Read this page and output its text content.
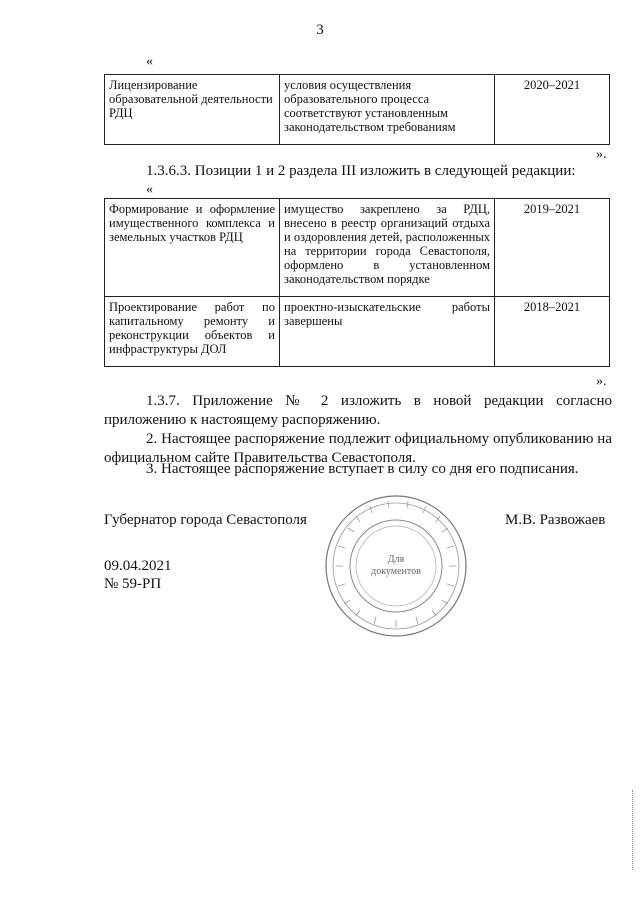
3
«
Лицензирование образовательной деятельности РДЦ	условия осуществления образовательного процесса соответствуют установленным законодательством требованиям	2020–2021
».
1.3.6.3. Позиции 1 и 2 раздела III изложить в следующей редакции:
«
Формирование и оформление имущественного комплекса и земельных участков РДЦ	имущество закреплено за РДЦ, внесено в реестр организаций отдыха и оздоровления детей, расположенных на территории города Севастополя, оформлено в установленном законодательством порядке	2019–2021
Проектирование работ по капитальному ремонту и реконструкции объектов и инфраструктуры ДОЛ	проектно-изыскательские работы завершены	2018–2021
».
1.3.7. Приложение № 2 изложить в новой редакции согласно приложению к настоящему распоряжению.
2. Настоящее распоряжение подлежит официальному опубликованию на официальном сайте Правительства Севастополя.
3. Настоящее распоряжение вступает в силу со дня его подписания.
Губернатор города Севастополя	М.В. Развожаев
09.04.2021
№ 59-РП
Для
документов
